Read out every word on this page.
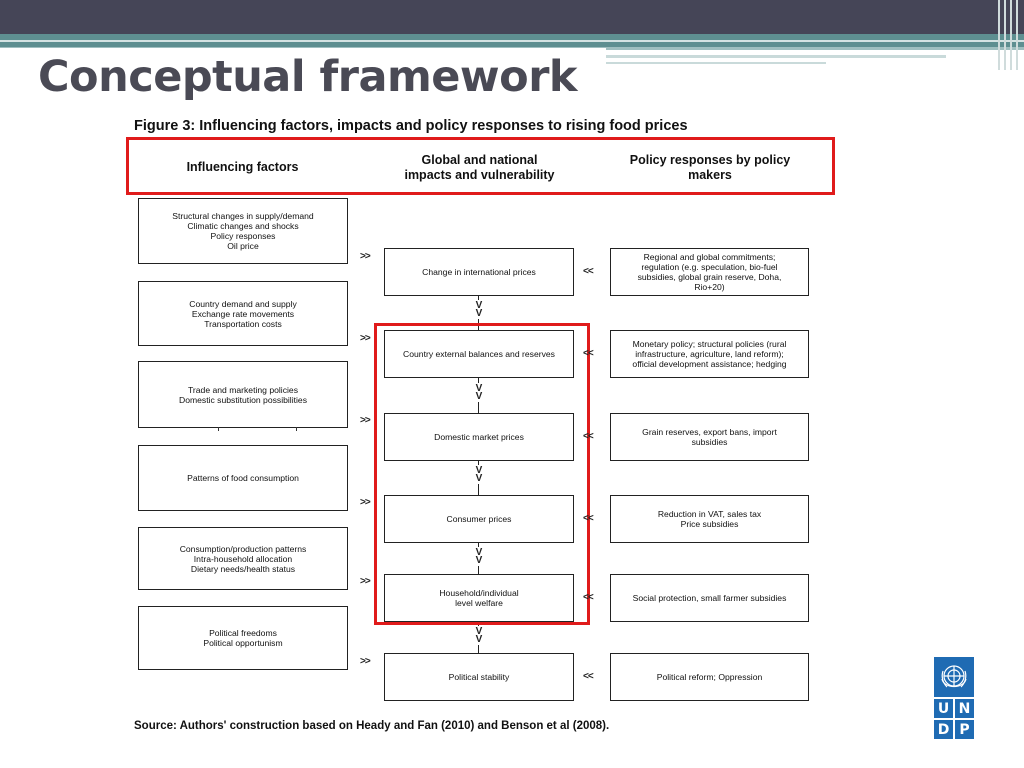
Conceptual framework
Figure 3: Influencing factors, impacts and policy responses to rising food prices
Influencing factors	Global and national
impacts and vulnerability
Policy responses by policy
makers
Structural changes in supply/demand
Climatic changes and shocks
Policy responses
Oil price
Country demand and supply
Exchange rate movements
Transportation costs
Trade and marketing policies
Domestic substitution possibilities
Patterns of food consumption
Consumption/production patterns
Intra-household allocation
Dietary needs/health status
Political freedoms
Political opportunism
Change in international prices
Country external balances and reserves
Domestic market prices
Consumer prices
Household/individual
level welfare
Political stability
V
V
V
V
V
V
V
V
V
V
Regional and global commitments;
regulation (e.g. speculation, bio-fuel
subsidies, global grain reserve, Doha,
Rio+20)
Monetary policy; structural policies (rural
infrastructure, agriculture, land reform);
official development assistance; hedging
Grain reserves, export bans, import
subsidies
Reduction in VAT, sales tax
Price subsidies
Social protection, small farmer subsidies
Political reform; Oppression
>>
>>
>>
>>
>>
>>
<<
<<
<<
<<
<<
<<
Source: Authors' construction based on Heady and Fan (2010) and Benson et al (2008).
U N
D P
